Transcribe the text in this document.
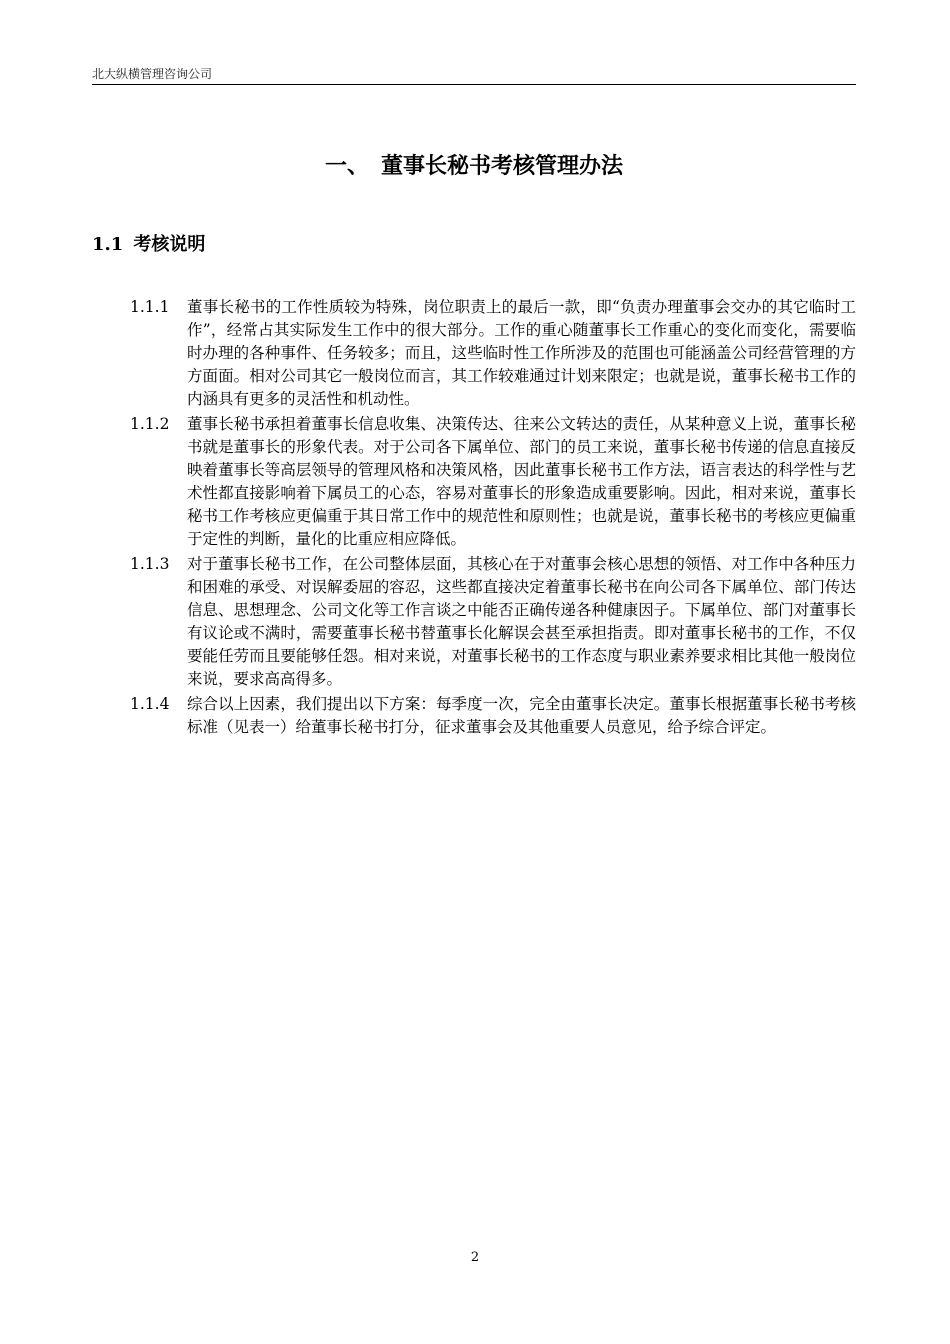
北大纵横管理咨询公司
一、 董事长秘书考核管理办法
1.1 考核说明

1.1.1	董事长秘书的工作性质较为特殊，岗位职责上的最后一款，即“负责办理董事会交办的其它临时工作”，经常占其实际发生工作中的很大部分。工作的重心随董事长工作重心的变化而变化，需要临时办理的各种事件、任务较多；而且，这些临时性工作所涉及的范围也可能涵盖公司经营管理的方方面面。相对公司其它一般岗位而言，其工作较难通过计划来限定；也就是说，董事长秘书工作的内涵具有更多的灵活性和机动性。

1.1.2	董事长秘书承担着董事长信息收集、决策传达、往来公文转达的责任，从某种意义上说，董事长秘书就是董事长的形象代表。对于公司各下属单位、部门的员工来说，董事长秘书传递的信息直接反映着董事长等高层领导的管理风格和决策风格，因此董事长秘书工作方法，语言表达的科学性与艺术性都直接影响着下属员工的心态，容易对董事长的形象造成重要影响。因此，相对来说，董事长秘书工作考核应更偏重于其日常工作中的规范性和原则性；也就是说，董事长秘书的考核应更偏重于定性的判断，量化的比重应相应降低。

1.1.3	对于董事长秘书工作，在公司整体层面，其核心在于对董事会核心思想的领悟、对工作中各种压力和困难的承受、对误解委屈的容忍，这些都直接决定着董事长秘书在向公司各下属单位、部门传达信息、思想理念、公司文化等工作言谈之中能否正确传递各种健康因子。下属单位、部门对董事长有议论或不满时，需要董事长秘书替董事长化解误会甚至承担指责。即对董事长秘书的工作，不仅要能任劳而且要能够任怨。相对来说，对董事长秘书的工作态度与职业素养要求相比其他一般岗位来说，要求高高得多。

1.1.4	综合以上因素，我们提出以下方案：每季度一次，完全由董事长决定。董事长根据董事长秘书考核标准（见表一）给董事长秘书打分，征求董事会及其他重要人员意见，给予综合评定。

2
